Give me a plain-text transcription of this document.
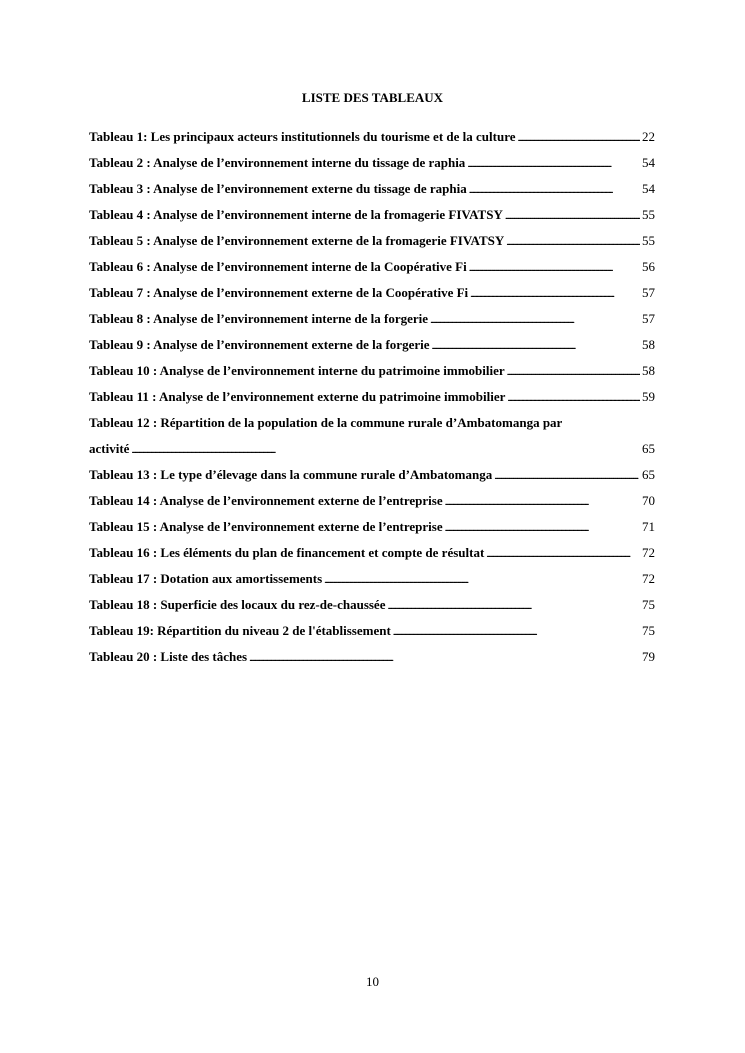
LISTE DES TABLEAUX
Tableau 1: Les principaux acteurs institutionnels du tourisme et de la culture . . .	22
Tableau 2 : Analyse de l’environnement interne du tissage de raphia . . .	54
Tableau 3 : Analyse de l’environnement externe du tissage de raphia . . .	54
Tableau 4 : Analyse de l’environnement interne de la fromagerie FIVATSY . . .	55
Tableau 5 : Analyse de l’environnement externe de la fromagerie FIVATSY . . .	55
Tableau 6 : Analyse de l’environnement interne de la Coopérative Fi . . .	56
Tableau 7 : Analyse de l’environnement externe de la Coopérative Fi . . .	57
Tableau 8 : Analyse de l’environnement interne de la forgerie . . .	57
Tableau 9 : Analyse de l’environnement externe de la forgerie . . .	58
Tableau 10 : Analyse de l’environnement interne du patrimoine immobilier . . .	58
Tableau 11 : Analyse de l’environnement externe du patrimoine immobilier . . .	59
Tableau 12 : Répartition de la population de la commune rurale d’Ambatomanga par
activité . . .	65
Tableau 13 : Le type d’élevage dans la commune rurale d’Ambatomanga . . .	65
Tableau 14 : Analyse de l’environnement externe de l’entreprise . . .	70
Tableau 15 : Analyse de l’environnement externe de l’entreprise . . .	71
Tableau 16 : Les éléments du plan de financement et compte de résultat . . .	72
Tableau 17 : Dotation aux amortissements . . .	72
Tableau 18 : Superficie des locaux du rez-de-chaussée . . .	75
Tableau 19: Répartition du niveau 2 de l'établissement . . .	75
Tableau 20 : Liste des tâches . . .	79
10
